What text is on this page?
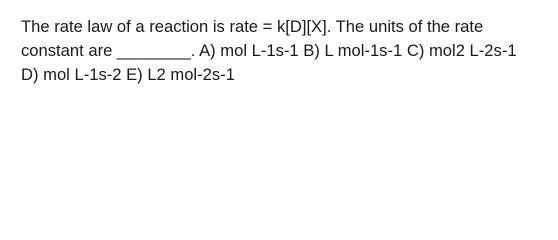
The rate law of a reaction is rate = k[D][X]. The units of the rate
constant are ________. A) mol L-1s-1 B) L mol-1s-1 C) mol2 L-2s-1
D) mol L-1s-2 E) L2 mol-2s-1
